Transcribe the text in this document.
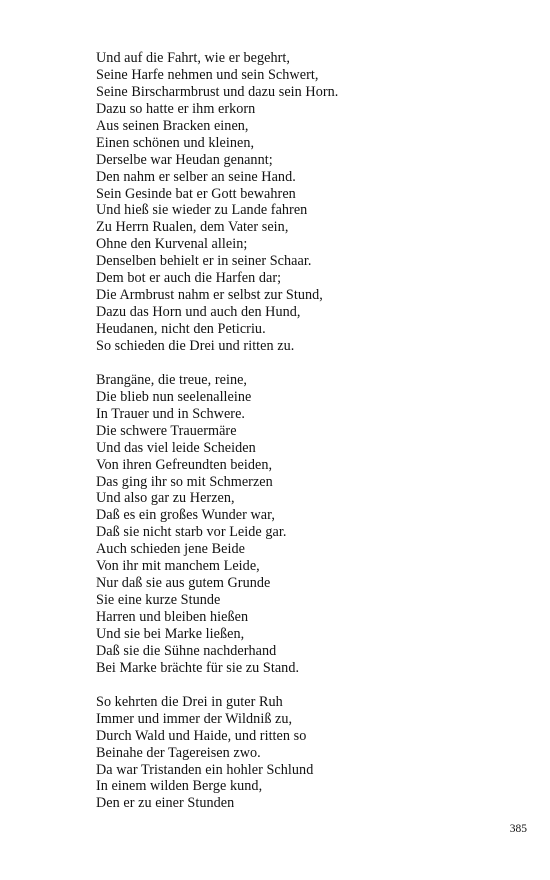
Und auf die Fahrt, wie er begehrt,
Seine Harfe nehmen und sein Schwert,
Seine Birscharmbrust und dazu sein Horn.
Dazu so hatte er ihm erkorn
Aus seinen Bracken einen,
Einen schönen und kleinen,
Derselbe war Heudan genannt;
Den nahm er selber an seine Hand.
Sein Gesinde bat er Gott bewahren
Und hieß sie wieder zu Lande fahren
Zu Herrn Rualen, dem Vater sein,
Ohne den Kurvenal allein;
Denselben behielt er in seiner Schaar.
Dem bot er auch die Harfen dar;
Die Armbrust nahm er selbst zur Stund,
Dazu das Horn und auch den Hund,
Heudanen, nicht den Peticriu.
So schieden die Drei und ritten zu.
Brangäne, die treue, reine,
Die blieb nun seelenalleine
In Trauer und in Schwere.
Die schwere Trauermäre
Und das viel leide Scheiden
Von ihren Gefreundten beiden,
Das ging ihr so mit Schmerzen
Und also gar zu Herzen,
Daß es ein großes Wunder war,
Daß sie nicht starb vor Leide gar.
Auch schieden jene Beide
Von ihr mit manchem Leide,
Nur daß sie aus gutem Grunde
Sie eine kurze Stunde
Harren und bleiben hießen
Und sie bei Marke ließen,
Daß sie die Sühne nachderhand
Bei Marke brächte für sie zu Stand.
So kehrten die Drei in guter Ruh
Immer und immer der Wildniß zu,
Durch Wald und Haide, und ritten so
Beinahe der Tagereisen zwo.
Da war Tristanden ein hohler Schlund
In einem wilden Berge kund,
Den er zu einer Stunden
385
